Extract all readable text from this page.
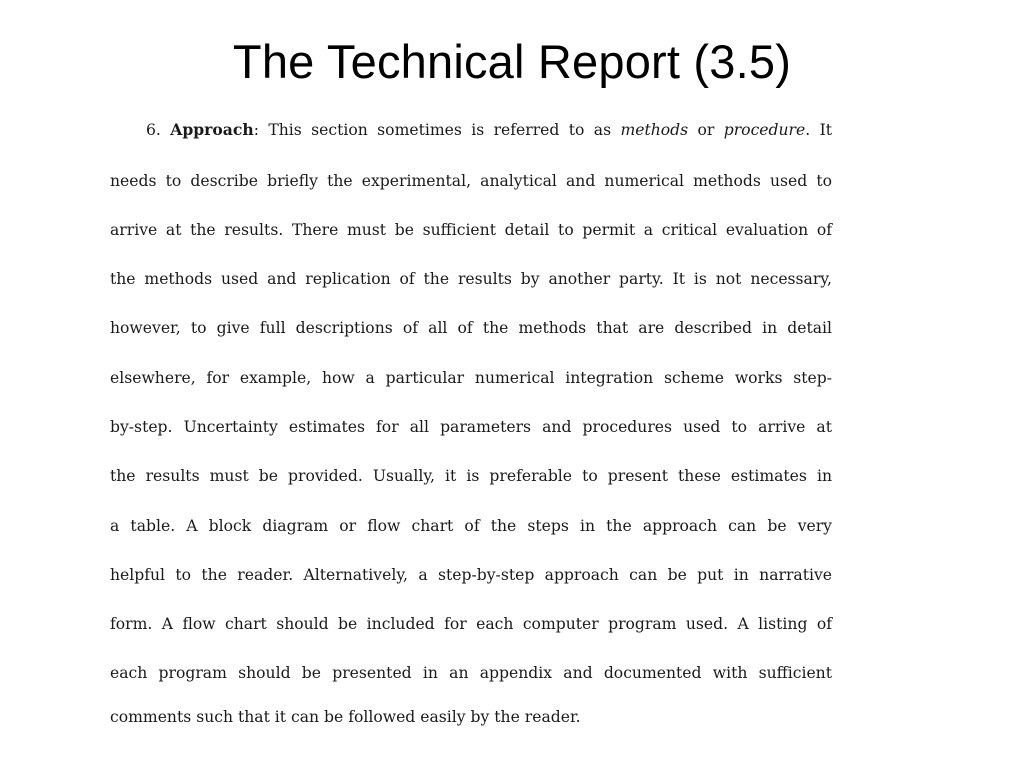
The Technical Report (3.5)
6. Approach: This section sometimes is referred to as methods or procedure. It
needs to describe briefly the experimental, analytical and numerical methods used to
arrive at the results. There must be sufficient detail to permit a critical evaluation of
the methods used and replication of the results by another party. It is not necessary,
however, to give full descriptions of all of the methods that are described in detail
elsewhere, for example, how a particular numerical integration scheme works step-
by-step. Uncertainty estimates for all parameters and procedures used to arrive at
the results must be provided. Usually, it is preferable to present these estimates in
a table. A block diagram or flow chart of the steps in the approach can be very
helpful to the reader. Alternatively, a step-by-step approach can be put in narrative
form. A flow chart should be included for each computer program used. A listing of
each program should be presented in an appendix and documented with sufficient
comments such that it can be followed easily by the reader.
